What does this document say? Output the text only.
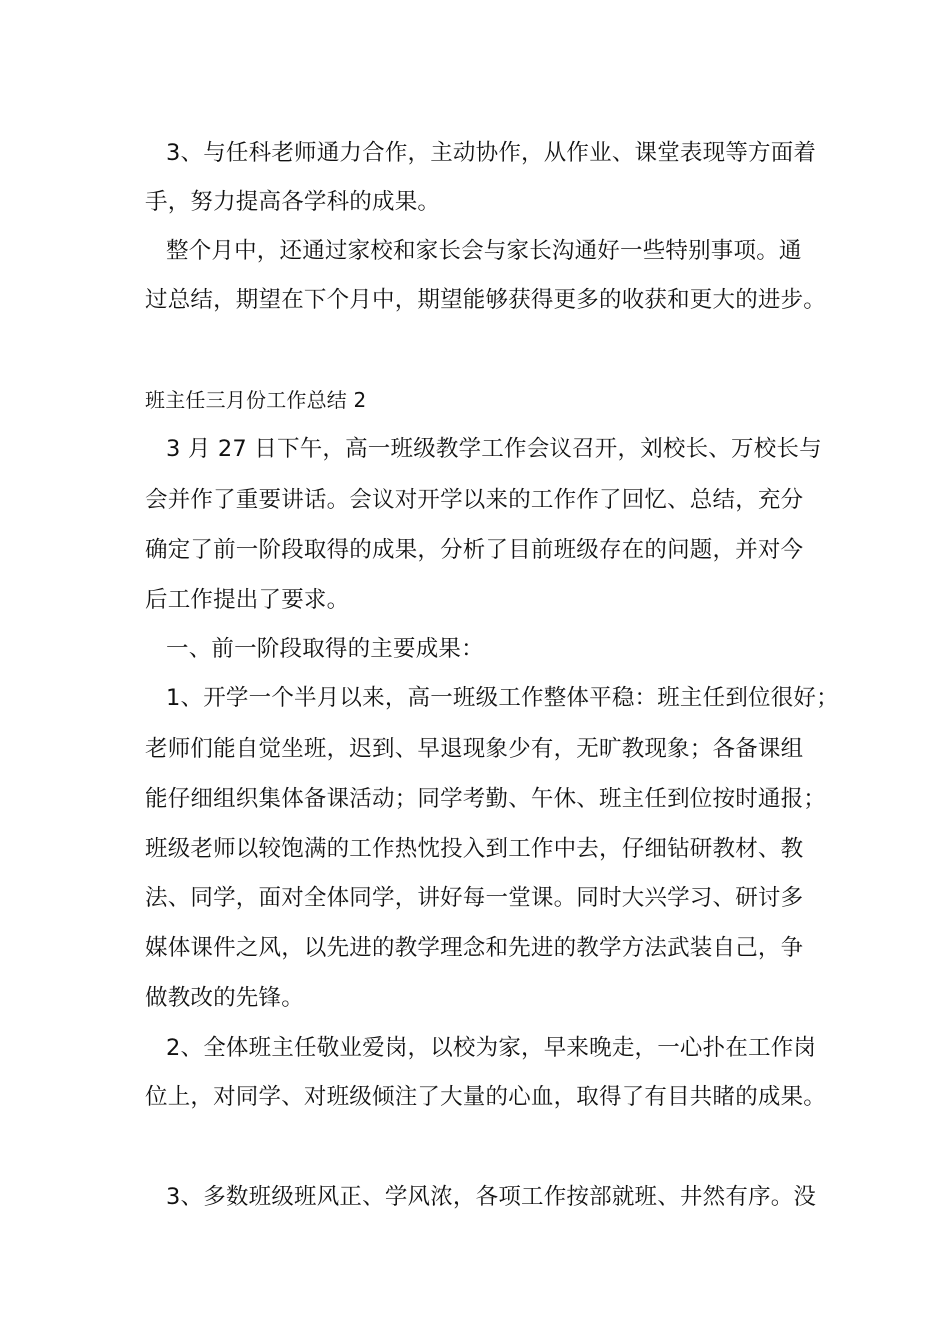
3、与任科老师通力合作，主动协作，从作业、课堂表现等方面着
手，努力提高各学科的成果。
整个月中，还通过家校和家长会与家长沟通好一些特别事项。通
过总结，期望在下个月中，期望能够获得更多的收获和更大的进步。
班主任三月份工作总结 2
3 月 27 日下午，高一班级教学工作会议召开，刘校长、万校长与
会并作了重要讲话。会议对开学以来的工作作了回忆、总结，充分
确定了前一阶段取得的成果，分析了目前班级存在的问题，并对今
后工作提出了要求。
一、前一阶段取得的主要成果：
1、开学一个半月以来，高一班级工作整体平稳：班主任到位很好；
老师们能自觉坐班，迟到、早退现象少有，无旷教现象；各备课组
能仔细组织集体备课活动；同学考勤、午休、班主任到位按时通报；
班级老师以较饱满的工作热忱投入到工作中去，仔细钻研教材、教
法、同学，面对全体同学，讲好每一堂课。同时大兴学习、研讨多
媒体课件之风，以先进的教学理念和先进的教学方法武装自己，争
做教改的先锋。
2、全体班主任敬业爱岗，以校为家，早来晚走，一心扑在工作岗
位上，对同学、对班级倾注了大量的心血，取得了有目共睹的成果。
3、多数班级班风正、学风浓，各项工作按部就班、井然有序。没
